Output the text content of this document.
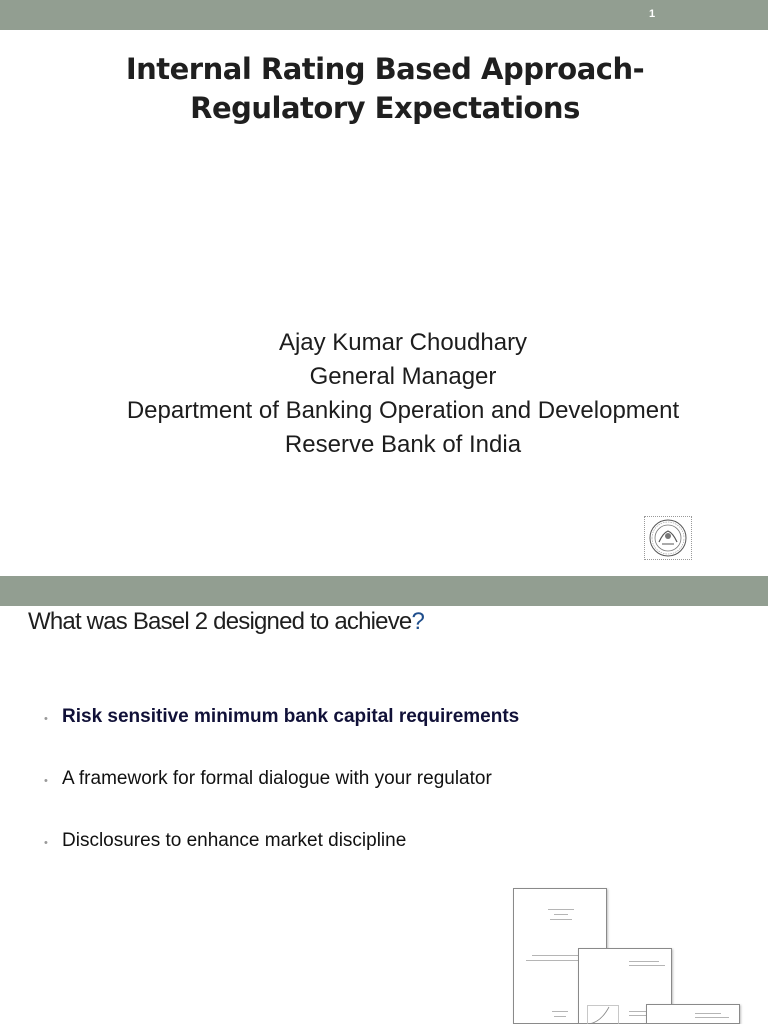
1
Internal Rating Based Approach-
Regulatory Expectations
Ajay Kumar Choudhary
General Manager
Department of Banking Operation and Development
Reserve Bank of India
What was Basel 2 designed to achieve?
• Risk sensitive minimum bank capital requirements
• A framework for formal dialogue with your regulator
• Disclosures to enhance market discipline
